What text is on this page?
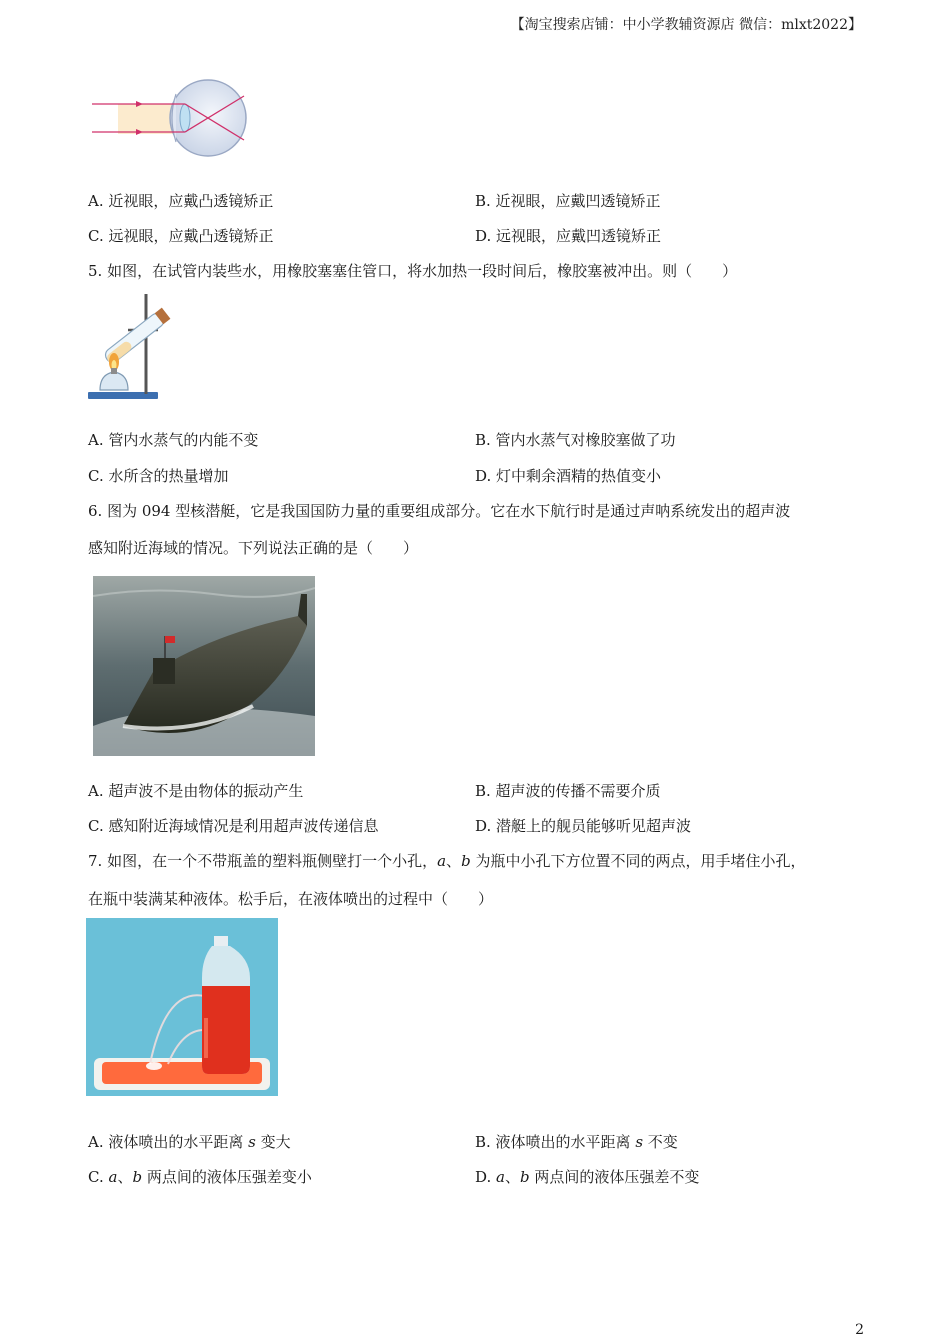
【淘宝搜索店铺：中小学教辅资源店 微信：mlxt2022】
A. 近视眼，应戴凸透镜矫正	B. 近视眼，应戴凹透镜矫正
C. 远视眼，应戴凸透镜矫正	D. 远视眼，应戴凹透镜矫正
5. 如图，在试管内装些水，用橡胶塞塞住管口，将水加热一段时间后，橡胶塞被冲出。则（　　）
A. 管内水蒸气的内能不变	B. 管内水蒸气对橡胶塞做了功
C. 水所含的热量增加	D. 灯中剩余酒精的热值变小
6. 图为 094 型核潜艇，它是我国国防力量的重要组成部分。它在水下航行时是通过声呐系统发出的超声波
感知附近海域的情况。下列说法正确的是（　　）
A. 超声波不是由物体的振动产生	B. 超声波的传播不需要介质
C. 感知附近海域情况是利用超声波传递信息	D. 潜艇上的舰员能够听见超声波
7. 如图，在一个不带瓶盖的塑料瓶侧壁打一个小孔，a、b 为瓶中小孔下方位置不同的两点，用手堵住小孔，
在瓶中装满某种液体。松手后，在液体喷出的过程中（　　）
A. 液体喷出的水平距离 s 变大	B. 液体喷出的水平距离 s 不变
C. a、b 两点间的液体压强差变小	D. a、b 两点间的液体压强差不变
2
